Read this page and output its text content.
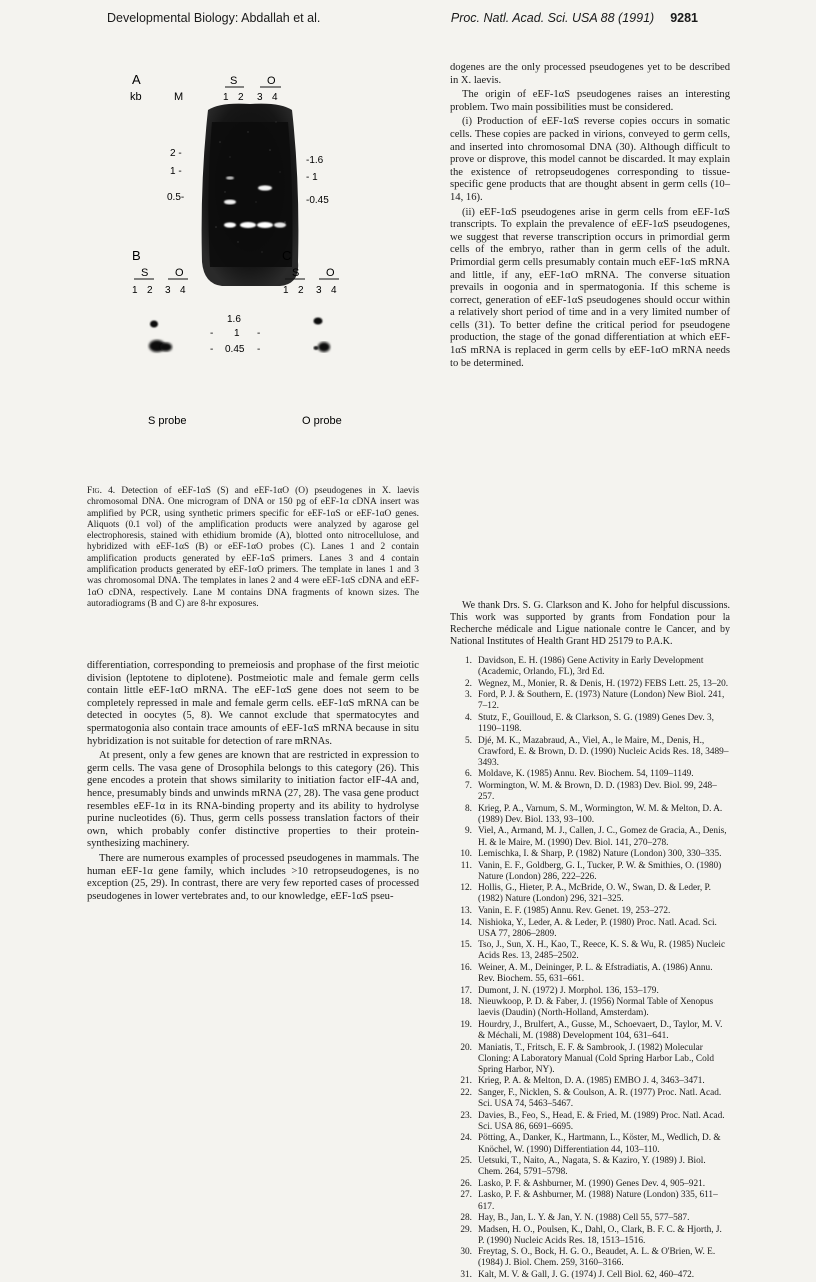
Developmental Biology: Abdallah et al.	Proc. Natl. Acad. Sci. USA 88 (1991) 9281
A
kb	M
S	O
1 2 3 4
2 -
1 -
0.5-
-1.6
- 1
-0.45
B
S O
1 2 3 4
C
S O
1 2 3 4
1.6
- 1
- 0.45
-
-
S probe	O probe
Fig. 4. Detection of eEF-1αS (S) and eEF-1αO (O) pseudogenes in X. laevis chromosomal DNA. One microgram of DNA or 150 pg of eEF-1α cDNA insert was amplified by PCR, using synthetic primers specific for eEF-1αS or eEF-1αO genes. Aliquots (0.1 vol) of the amplification products were analyzed by agarose gel electrophoresis, stained with ethidium bromide (A), blotted onto nitrocellulose, and hybridized with eEF-1αS (B) or eEF-1αO probes (C). Lanes 1 and 2 contain amplification products generated by eEF-1αS primers. Lanes 3 and 4 contain amplification products generated by eEF-1αO primers. The template in lanes 1 and 3 was chromosomal DNA. The templates in lanes 2 and 4 were eEF-1αS cDNA and eEF-1αO cDNA, respectively. Lane M contains DNA fragments of known sizes. The autoradiograms (B and C) are 8-hr exposures.

differentiation, corresponding to premeiosis and prophase of the first meiotic division (leptotene to diplotene). Postmeiotic male and female germ cells contain little eEF-1αO mRNA. The eEF-1αS gene does not seem to be completely repressed in male and female germ cells. eEF-1αS mRNA can be detected in oocytes (5, 8). We cannot exclude that spermatocytes and spermatogonia also contain trace amounts of eEF-1αS mRNA because in situ hybridization is not suitable for detection of rare mRNAs.

At present, only a few genes are known that are restricted in expression to germ cells. The vasa gene of Drosophila belongs to this category (26). This gene encodes a protein that shows similarity to initiation factor eIF-4A and, hence, presumably binds and unwinds mRNA (27, 28). The vasa gene product resembles eEF-1α in its RNA-binding property and its ability to hydrolyse purine nucleotides (6). Thus, germ cells possess translation factors of their own, which probably confer distinctive properties to their protein-synthesizing machinery.

There are numerous examples of processed pseudogenes in mammals. The human eEF-1α gene family, which includes >10 retropseudogenes, is no exception (25, 29). In contrast, there are very few reported cases of processed pseudogenes in lower vertebrates and, to our knowledge, eEF-1αS pseu-

dogenes are the only processed pseudogenes yet to be described in X. laevis.

The origin of eEF-1αS pseudogenes raises an interesting problem. Two main possibilities must be considered.

(i) Production of eEF-1αS reverse copies occurs in somatic cells. These copies are packed in virions, conveyed to germ cells, and inserted into chromosomal DNA (30). Although difficult to prove or disprove, this model cannot be discarded. It may explain the existence of retropseudogenes corresponding to tissue-specific gene products that are thought absent in germ cells (10–14, 16).

(ii) eEF-1αS pseudogenes arise in germ cells from eEF-1αS transcripts. To explain the prevalence of eEF-1αS pseudogenes, we suggest that reverse transcription occurs in primordial germ cells of the embryo, rather than in germ cells of the adult. Primordial germ cells presumably contain much eEF-1αS mRNA and little, if any, eEF-1αO mRNA. The converse situation prevails in oogonia and in spermatogonia. If this scheme is correct, generation of eEF-1αS pseudogenes should occur within a relatively short period of time and in a very limited number of cells (31). To better define the critical period for pseudogene production, the stage of the gonad differentiation at which eEF-1αS mRNA is replaced in germ cells by eEF-1αO mRNA needs to be determined.

We thank Drs. S. G. Clarkson and K. Joho for helpful discussions. This work was supported by grants from Fondation pour la Recherche médicale and Ligue nationale contre le Cancer, and by National Institutes of Health Grant HD 25179 to P.A.K.
1. Davidson, E. H. (1986) Gene Activity in Early Development (Academic, Orlando, FL), 3rd Ed.
2. Wegnez, M., Monier, R. & Denis, H. (1972) FEBS Lett. 25, 13–20.
3. Ford, P. J. & Southern, E. (1973) Nature (London) New Biol. 241, 7–12.
4. Stutz, F., Gouilloud, E. & Clarkson, S. G. (1989) Genes Dev. 3, 1190–1198.
5. Djé, M. K., Mazabraud, A., Viel, A., le Maire, M., Denis, H., Crawford, E. & Brown, D. D. (1990) Nucleic Acids Res. 18, 3489–3493.
6. Moldave, K. (1985) Annu. Rev. Biochem. 54, 1109–1149.
7. Wormington, W. M. & Brown, D. D. (1983) Dev. Biol. 99, 248–257.
8. Krieg, P. A., Varnum, S. M., Wormington, W. M. & Melton, D. A. (1989) Dev. Biol. 133, 93–100.
9. Viel, A., Armand, M. J., Callen, J. C., Gomez de Gracia, A., Denis, H. & le Maire, M. (1990) Dev. Biol. 141, 270–278.
10. Lemischka, I. & Sharp, P. (1982) Nature (London) 300, 330–335.
11. Vanin, E. F., Goldberg, G. I., Tucker, P. W. & Smithies, O. (1980) Nature (London) 286, 222–226.
12. Hollis, G., Hieter, P. A., McBride, O. W., Swan, D. & Leder, P. (1982) Nature (London) 296, 321–325.
13. Vanin, E. F. (1985) Annu. Rev. Genet. 19, 253–272.
14. Nishioka, Y., Leder, A. & Leder, P. (1980) Proc. Natl. Acad. Sci. USA 77, 2806–2809.
15. Tso, J., Sun, X. H., Kao, T., Reece, K. S. & Wu, R. (1985) Nucleic Acids Res. 13, 2485–2502.
16. Weiner, A. M., Deininger, P. L. & Efstradiatis, A. (1986) Annu. Rev. Biochem. 55, 631–661.
17. Dumont, J. N. (1972) J. Morphol. 136, 153–179.
18. Nieuwkoop, P. D. & Faber, J. (1956) Normal Table of Xenopus laevis (Daudin) (North-Holland, Amsterdam).
19. Hourdry, J., Brulfert, A., Gusse, M., Schoevaert, D., Taylor, M. V. & Méchali, M. (1988) Development 104, 631–641.
20. Maniatis, T., Fritsch, E. F. & Sambrook, J. (1982) Molecular Cloning: A Laboratory Manual (Cold Spring Harbor Lab., Cold Spring Harbor, NY).
21. Krieg, P. A. & Melton, D. A. (1985) EMBO J. 4, 3463–3471.
22. Sanger, F., Nicklen, S. & Coulson, A. R. (1977) Proc. Natl. Acad. Sci. USA 74, 5463–5467.
23. Davies, B., Feo, S., Head, E. & Fried, M. (1989) Proc. Natl. Acad. Sci. USA 86, 6691–6695.
24. Pötting, A., Danker, K., Hartmann, L., Köster, M., Wedlich, D. & Knöchel, W. (1990) Differentiation 44, 103–110.
25. Uetsuki, T., Naito, A., Nagata, S. & Kaziro, Y. (1989) J. Biol. Chem. 264, 5791–5798.
26. Lasko, P. F. & Ashburner, M. (1990) Genes Dev. 4, 905–921.
27. Lasko, P. F. & Ashburner, M. (1988) Nature (London) 335, 611–617.
28. Hay, B., Jan, L. Y. & Jan, Y. N. (1988) Cell 55, 577–587.
29. Madsen, H. O., Poulsen, K., Dahl, O., Clark, B. F. C. & Hjorth, J. P. (1990) Nucleic Acids Res. 18, 1513–1516.
30. Freytag, S. O., Bock, H. G. O., Beaudet, A. L. & O'Brien, W. E. (1984) J. Biol. Chem. 259, 3160–3166.
31. Kalt, M. V. & Gall, J. G. (1974) J. Cell Biol. 62, 460–472.
